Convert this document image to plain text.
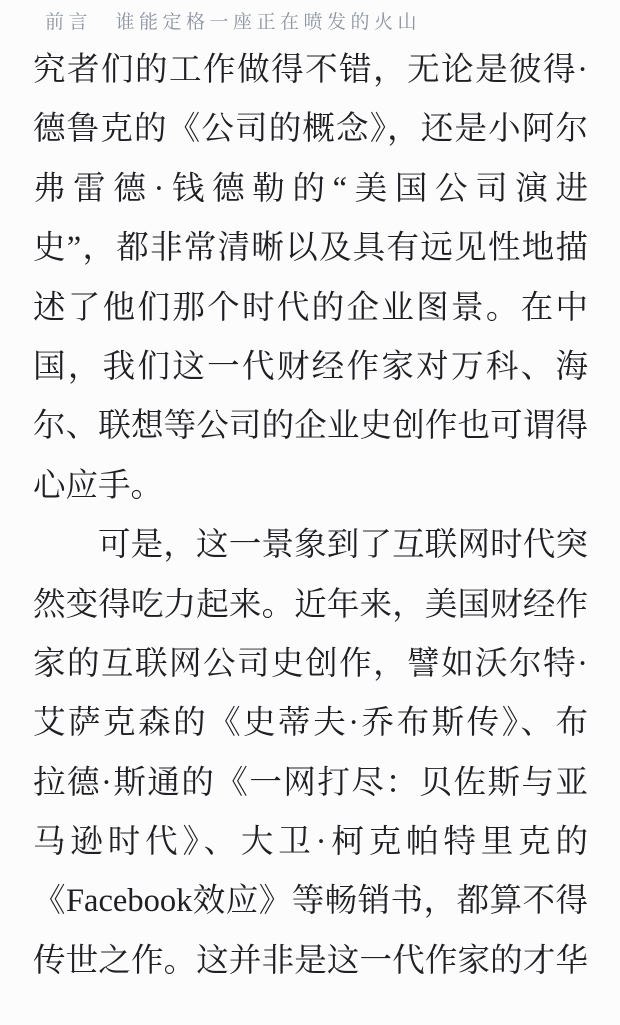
前言　谁能定格一座正在喷发的火山
究者们的工作做得不错，无论是彼得·
德鲁克的《公司的概念》，还是小阿尔
弗雷德·钱德勒的“美国公司演进
史”，都非常清晰以及具有远见性地描
述了他们那个时代的企业图景。在中
国，我们这一代财经作家对万科、海
尔、联想等公司的企业史创作也可谓得
心应手。
可是，这一景象到了互联网时代突
然变得吃力起来。近年来，美国财经作
家的互联网公司史创作，譬如沃尔特·
艾萨克森的《史蒂夫·乔布斯传》、布
拉德·斯通的《一网打尽：贝佐斯与亚
马逊时代》、大卫·柯克帕特里克的
《Facebook效应》等畅销书，都算不得
传世之作。这并非是这一代作家的才华
